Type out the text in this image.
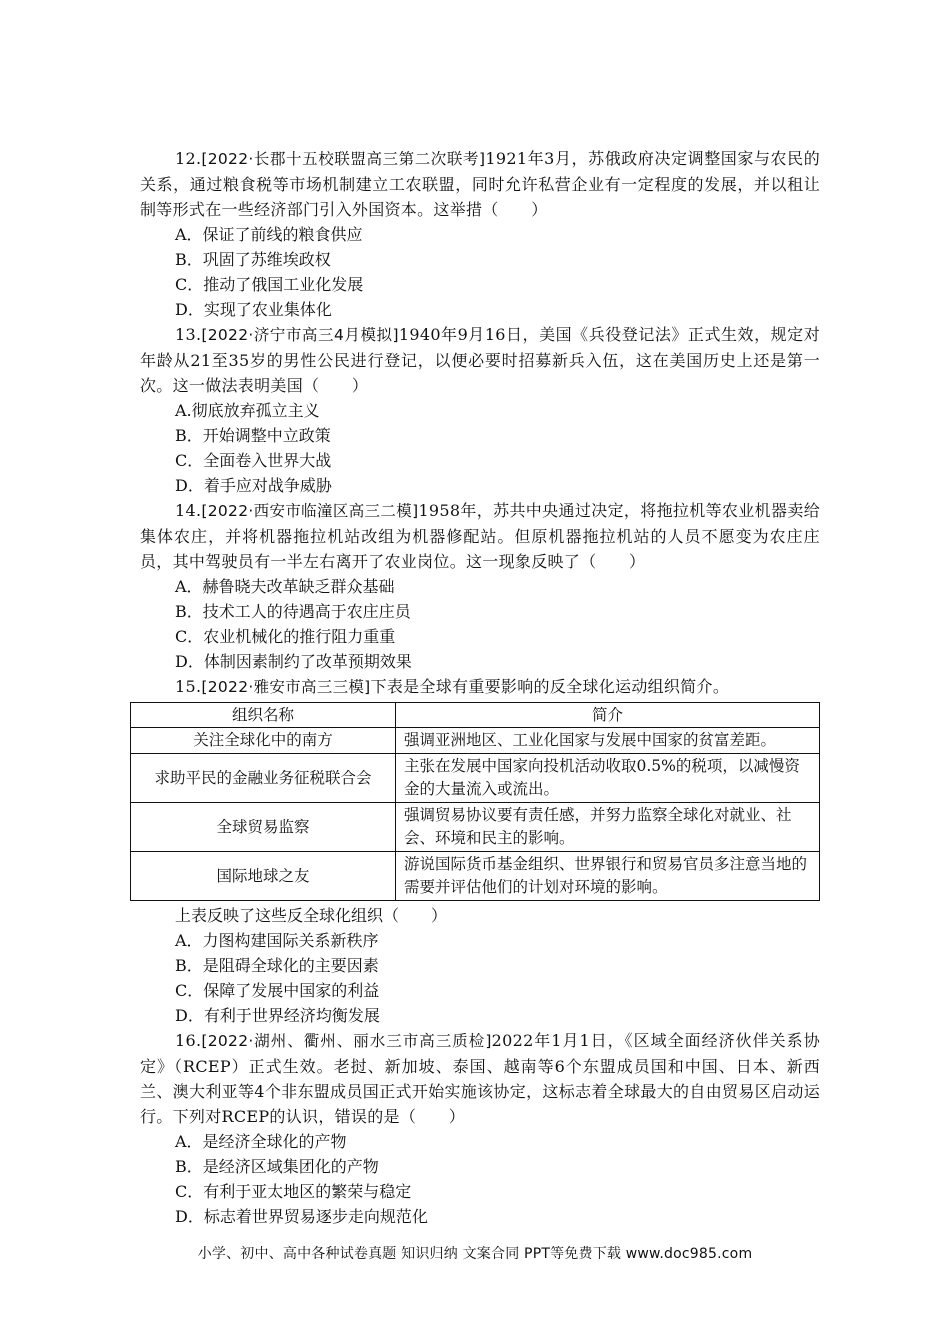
12.[2022·长郡十五校联盟高三第二次联考]1921年3月，苏俄政府决定调整国家与农民的关系，通过粮食税等市场机制建立工农联盟，同时允许私营企业有一定程度的发展，并以租让制等形式在一些经济部门引入外国资本。这举措（　　）
A．保证了前线的粮食供应
B．巩固了苏维埃政权
C．推动了俄国工业化发展
D．实现了农业集体化
13.[2022·济宁市高三4月模拟]1940年9月16日，美国《兵役登记法》正式生效，规定对年龄从21至35岁的男性公民进行登记，以便必要时招募新兵入伍，这在美国历史上还是第一次。这一做法表明美国（　　）
A.彻底放弃孤立主义
B．开始调整中立政策
C．全面卷入世界大战
D．着手应对战争威胁
14.[2022·西安市临潼区高三二模]1958年，苏共中央通过决定，将拖拉机等农业机器卖给集体农庄，并将机器拖拉机站改组为机器修配站。但原机器拖拉机站的人员不愿变为农庄庄员，其中驾驶员有一半左右离开了农业岗位。这一现象反映了（　　）
A．赫鲁晓夫改革缺乏群众基础
B．技术工人的待遇高于农庄庄员
C．农业机械化的推行阻力重重
D．体制因素制约了改革预期效果
15.[2022·雅安市高三三模]下表是全球有重要影响的反全球化运动组织简介。
组织名称	简介
关注全球化中的南方	强调亚洲地区、工业化国家与发展中国家的贫富差距。
求助平民的金融业务征税联合会	主张在发展中国家向投机活动收取0.5%的税项，以减慢资金的大量流入或流出。
全球贸易监察	强调贸易协议要有责任感，并努力监察全球化对就业、社会、环境和民主的影响。
国际地球之友	游说国际货币基金组织、世界银行和贸易官员多注意当地的需要并评估他们的计划对环境的影响。
上表反映了这些反全球化组织（　　）
A．力图构建国际关系新秩序
B．是阻碍全球化的主要因素
C．保障了发展中国家的利益
D．有利于世界经济均衡发展
16.[2022·湖州、衢州、丽水三市高三质检]2022年1月1日，《区域全面经济伙伴关系协定》（RCEP）正式生效。老挝、新加坡、泰国、越南等6个东盟成员国和中国、日本、新西兰、澳大利亚等4个非东盟成员国正式开始实施该协定，这标志着全球最大的自由贸易区启动运行。下列对RCEP的认识，错误的是（　　）
A．是经济全球化的产物
B．是经济区域集团化的产物
C．有利于亚太地区的繁荣与稳定
D．标志着世界贸易逐步走向规范化
小学、初中、高中各种试卷真题 知识归纳 文案合同 PPT等免费下载 www.doc985.com
